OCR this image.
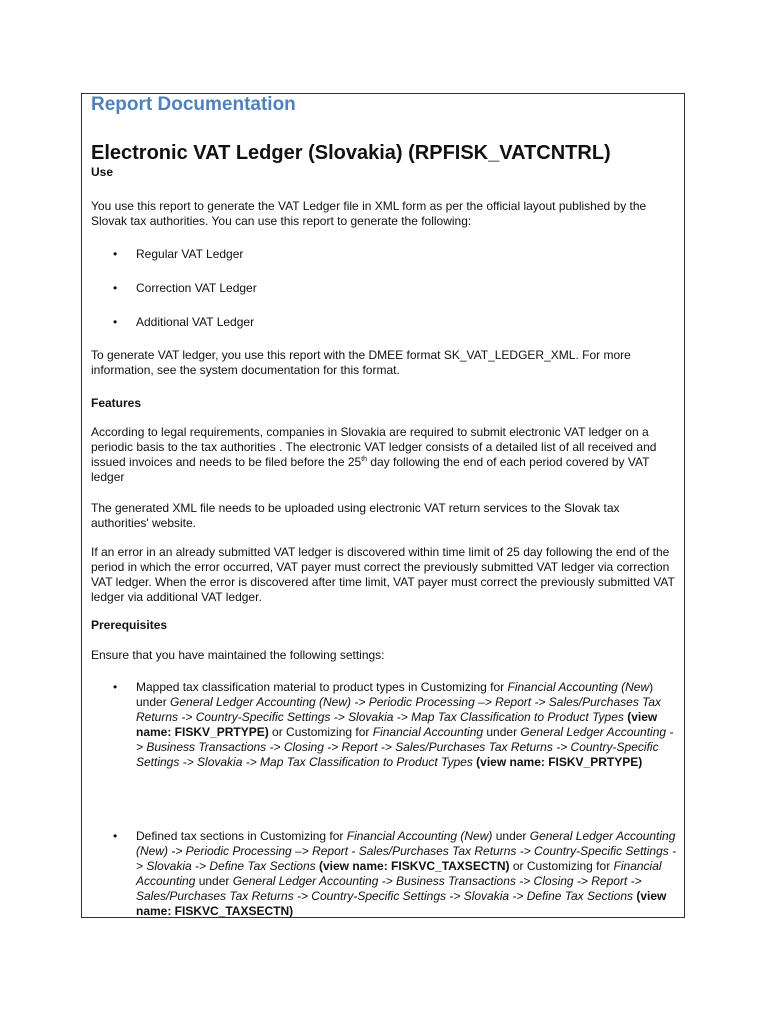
Report Documentation
Electronic VAT Ledger (Slovakia) (RPFISK_VATCNTRL)
Use

You use this report to generate the VAT Ledger file in XML form as per the official layout published by the Slovak tax authorities. You can use this report to generate the following:

• Regular VAT Ledger
• Correction VAT Ledger
• Additional VAT Ledger

To generate VAT ledger, you use this report with the DMEE format SK_VAT_LEDGER_XML. For more information, see the system documentation for this format.

Features

According to legal requirements, companies in Slovakia are required to submit electronic VAT ledger on a periodic basis to the tax authorities . The electronic VAT ledger consists of a detailed list of all received and issued invoices and needs to be filed before the 25th day following the end of each period covered by VAT ledger

The generated XML file needs to be uploaded using electronic VAT return services to the Slovak tax authorities' website.

If an error in an already submitted VAT ledger is discovered within time limit of 25 day following the end of the period in which the error occurred, VAT payer must correct the previously submitted VAT ledger via correction VAT ledger. When the error is discovered after time limit, VAT payer must correct the previously submitted VAT ledger via additional VAT ledger.

Prerequisites

Ensure that you have maintained the following settings:

• Mapped tax classification material to product types in Customizing for Financial Accounting (New) under General Ledger Accounting (New) -> Periodic Processing –> Report -> Sales/Purchases Tax Returns -> Country-Specific Settings -> Slovakia -> Map Tax Classification to Product Types (view name: FISKV_PRTYPE) or Customizing for Financial Accounting under General Ledger Accounting -> Business Transactions -> Closing -> Report -> Sales/Purchases Tax Returns -> Country-Specific Settings -> Slovakia -> Map Tax Classification to Product Types (view name: FISKV_PRTYPE)
• Defined tax sections in Customizing for Financial Accounting (New) under General Ledger Accounting (New) -> Periodic Processing –> Report - Sales/Purchases Tax Returns -> Country-Specific Settings -> Slovakia -> Define Tax Sections (view name: FISKVC_TAXSECTN) or Customizing for Financial Accounting under General Ledger Accounting -> Business Transactions -> Closing -> Report -> Sales/Purchases Tax Returns -> Country-Specific Settings -> Slovakia -> Define Tax Sections (view name: FISKVC_TAXSECTN)
